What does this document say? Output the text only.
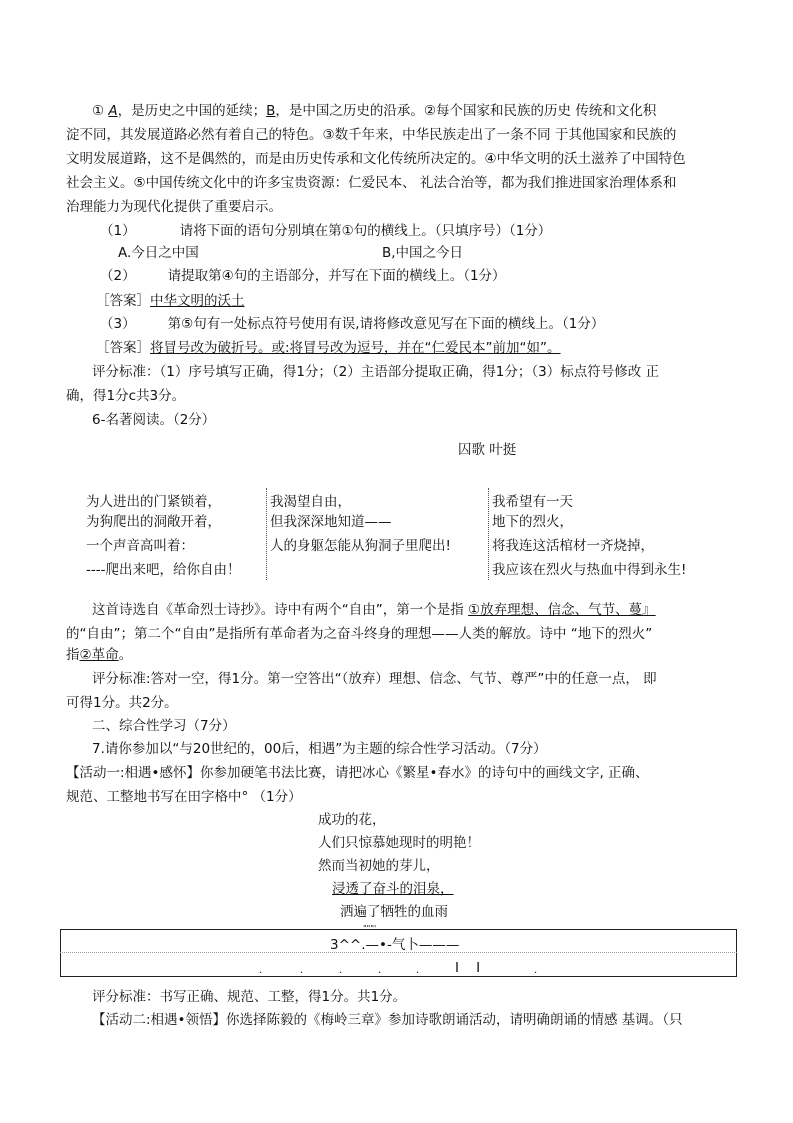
① A，是历史之中国的延续；B，是中国之历史的沿承。②每个国家和民族的历史 传统和文化积
淀不同，其发展道路必然有着自己的特色。③数千年来，中华民族走出了一条不同 于其他国家和民族的
文明发展道路，这不是偶然的，而是由历史传承和文化传统所决定的。④中华文明的沃土滋养了中国特色
社会主义。⑤中国传统文化中的许多宝贵资源：仁爱民本、 礼法合治等，都为我们推进国家治理体系和
治理能力为现代化提供了重要启示。
（1）	请将下面的语句分别填在第①句的横线上。（只填序号）（1分）
A.今日之中国	B,中国之今日
（2） 请提取第④句的主语部分，并写在下面的横线上。（1分）
［答案］中华文明的沃土
（3） 第⑤句有一处标点符号使用有误,请将修改意见写在下面的横线上。（1分）
［答案］将冒号改为破折号。或:将冒号改为逗号，并在“仁爱民本”前加“如”。
评分标准：（1）序号填写正确，得1分；（2）主语部分提取正确，得1分；（3）标点符号修改 正
确，得1分c共3分。
6-名著阅读。（2分）
囚歌 叶挺
为人进出的门紧锁着，
为狗爬出的洞敞开着，
一个声音高叫着：
----爬出来吧，给你自由！
我渴望自由，
但我深深地知道——
人的身躯怎能从狗洞子里爬出!
我希望有一天
地下的烈火，
将我连这活棺材一齐烧掉，
我应该在烈火与热血中得到永生!
这首诗选自《革命烈士诗抄》。诗中有两个“自由”，第一个是指 ①放弃理想、信念、气节、蔓』
的“自由”；第二个“自由”是指所有革命者为之奋斗终身的理想——人类的解放。诗中 “地下的烈火”
指②革命。
评分标准:答对一空，得1分。第一空答出“（放弃）理想、信念、气节、尊严”中的任意一点， 即
可得1分。共2分。
二、综合性学习（7分）
7.请你参加以“与20世纪的，00后，相遇”为主题的综合性学习活动。（7分）
【活动一:相遇•感怀】你参加硬笔书法比赛，请把冰心《繁星•春水》的诗句中的画线文字, 正确、
规范、工整地书写在田字格中° （1分）
成功的花，
人们只惊慕她现时的明艳！
然而当初她的芽儿，
浸透了奋斗的泪泉，
洒遍了牺牲的血雨
"""'
3^^.—•-气卜———
.	.	.	.	.	.
I    I
评分标准：书写正确、规范、工整，得1分。共1分。
【活动二:相遇•领悟】你选择陈毅的《梅岭三章》参加诗歌朗诵活动，请明确朗诵的情感 基调。（只
